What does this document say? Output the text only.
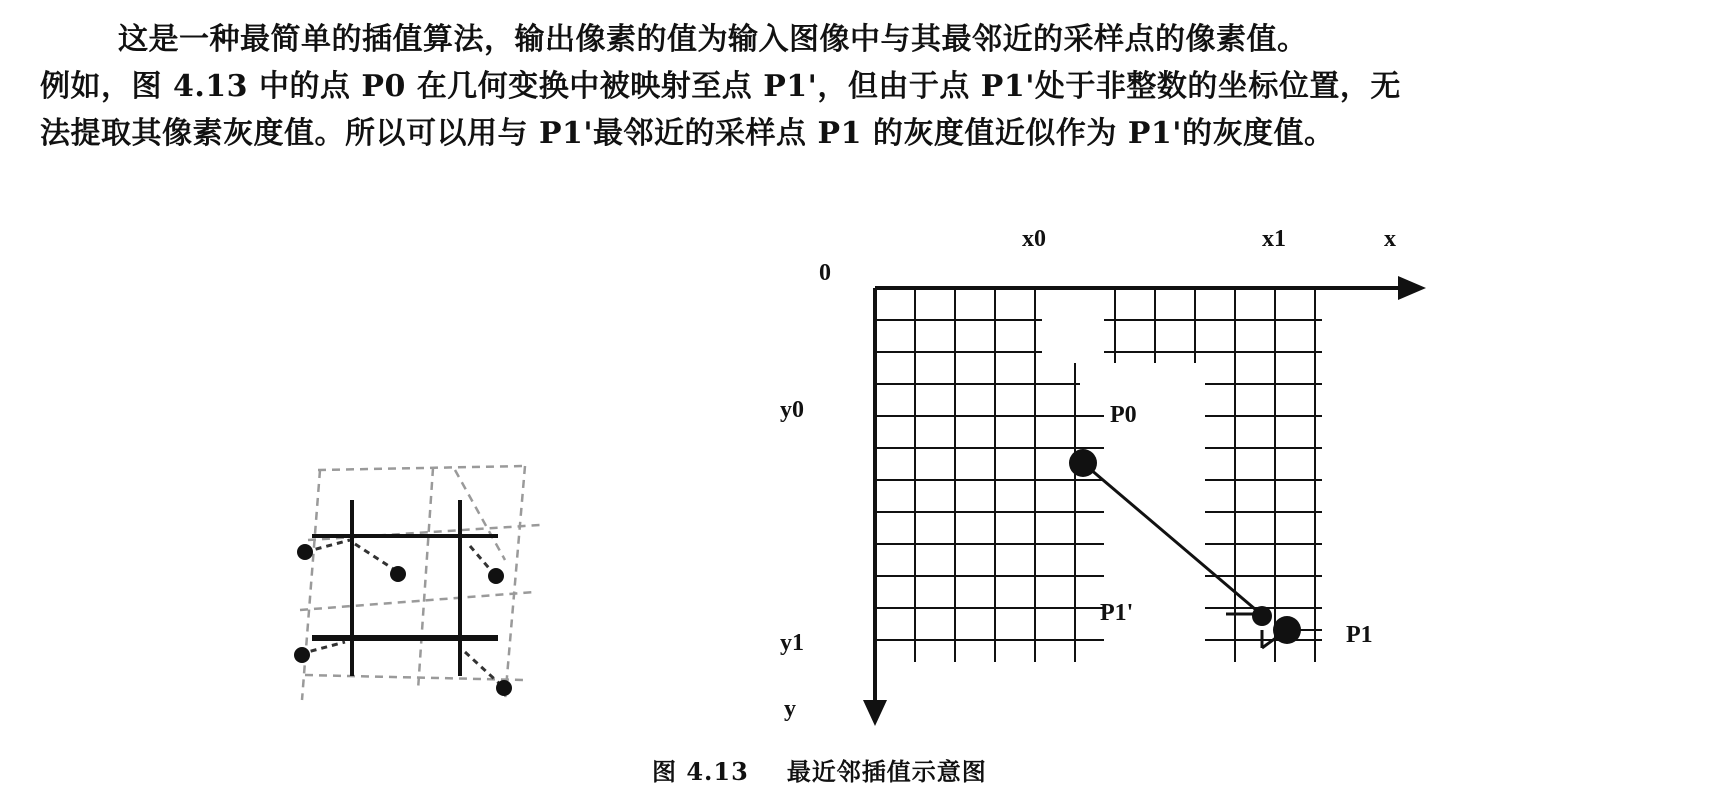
这是一种最简单的插值算法，输出像素的值为输入图像中与其最邻近的采样点的像素值。
例如，图 4.13 中的点 P0 在几何变换中被映射至点 P1'，但由于点 P1'处于非整数的坐标位置，无
法提取其像素灰度值。所以可以用与 P1'最邻近的采样点 P1 的灰度值近似作为 P1'的灰度值。
0
x0	x1	x
y0
y1
y
P0
P1'
P1
图 4.13 最近邻插值示意图
